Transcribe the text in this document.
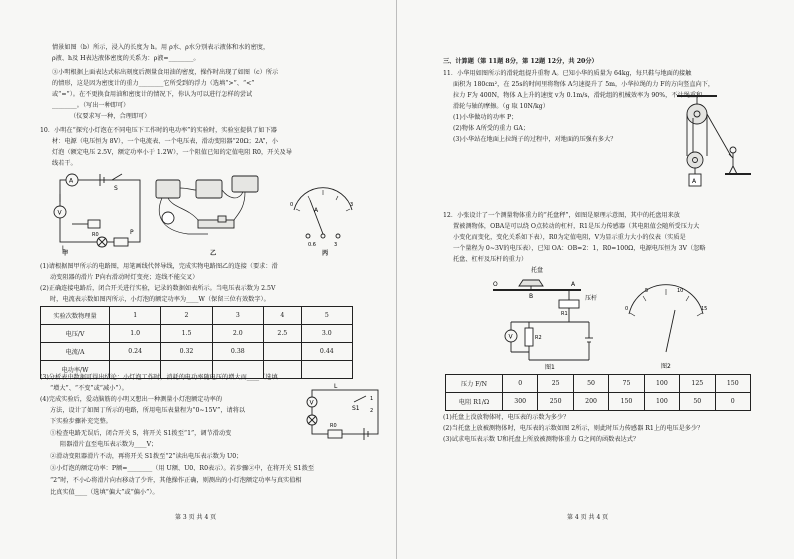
情景如图（b）所示，浸入的长度为 h。用 ρ水、ρ水分别表示液体和水的密度，
ρ液、h及 H表达液体密度的关系为：ρ液=________。
③小明根据上面表达式标出刻度后测量食用油的密度，操作时出现了如图（c）所示
的情形，这是因为密度计的重力________它所受到的浮力（选填“>”、“<”
或“=”）。在不更换食用油和密度计的情况下，你认为可以进行怎样的尝试
________。（写出一种即可）
（仪要求写一种，合理即可）
10．小明在“探究小灯泡在不同电压下工作时的电功率”的实验时，实验室提供了如下器
材：电源（电压恒为 8V），一个电流表、一个电压表，滑动变阻器“20Ω；2A”，小
灯泡（额定电压 2.5V，额定功率小于 1.2W），一个阻值已知的定值电阻 R0，开关及导
线若干。
A
V
S
R0	P
L
甲	乙
A
0.6	3
0	3
丙
(1)请根据图甲所示的电路图，用笔画线代替导线，完成实物电路图乙的连接（要求：滑
动变阻器的滑片 P向右滑动时灯变亮；连线不能交叉）
(2)正确连接电路后，闭合开关进行实验，记录的数据如表所示。当电压表示数为 2.5V
时，电流表示数如图丙所示，小灯泡的额定功率为____W（保留三位有效数字）。
实验次数物理量	1	2	3	4	5
电压/V	1.0	1.5	2.0	2.5	3.0
电流/A	0.24	0.32	0.38		0.44
电功率/W					
(3)分析表中数据可得出结论：小灯泡工作时，消耗的电功率随电压的增大而____（选填
“增大”、“不变”或“减小”）。
(4)完成实验后，爱动脑筋的小明又想出一种测量小灯泡额定功率的
方法，设计了如图丁所示的电路，所用电压表量程为“0~15V”，请将以
下实验步骤补充完整。
①检查电路无误后，闭合开关 S，将开关 S1拨至“1”，调节滑动变
阻器滑片直至电压表示数为____V；
②滑动变阻器滑片不动，再将开关 S1拨至“2”读出电压表示数为 U0；
③小灯泡的额定功率：P额=________（用 U额、U0、R0表示）。若步骤②中，在将开关 S1拨至
“2”时，不小心将滑片向右移动了少许，其他操作正确，则测出的小灯泡额定功率与真实值相
比真实值____（选填“偏大”或“偏小”）。
V
L
S1
R0
1
2
第 3 页 共 4 页
三、计算题（第 11题 8分，第 12题 12分，共 20分）
11．小华用如图所示的滑轮组提升重物 A。已知小华的质量为 64kg，每只鞋与地面的接触
面积为 180cm²，在 25s的时间里将物体 A匀速提升了 5m，小华拉绳的力 F的方向竖直向下，
拉力 F为 400N，物体 A上升的速度 v为 0.1m/s，滑轮组的机械效率为 90%，不计绳重和
滑轮与轴的摩擦。（g 取 10N/kg）
(1)小华做功的功率 P；
(2)物体 A所受的重力 GA；
(3)小华站在地面上拉绳子的过程中，对地面的压强有多大？
A
12．小张设计了一个测量物体重力的“托盘秤”，如图是原理示意图，其中的托盘用来放
置被测物体，OBA是可以绕 O点转动的杠杆，R1是压力传感器（其电阻值会随所受压力大
小变化而变化，变化关系如下表），R0为定值电阻，V为显示重力大小的仪表（实质是
一个量程为 0~3V的电压表），已知 OA：OB=2：1，R0=100Ω，电源电压恒为 3V（忽略
托盘、杠杆及压杆的重力）
托盘
压杆
O
B
A
R1
R2
V
图1
0
5	10
15
图2
压力 F/N	0	25	50	75	100	125	150
电阻 R1/Ω	300	250	200	150	100	50	0
(1)托盘上没放物体时，电压表的示数为多少？
(2)当托盘上放被测物体时，电压表的示数如图 2所示，则此时压力传感器 R1上的电压是多少？
(3)试求电压表示数 U和托盘上所放被测物体重力 G之间的函数表达式？
第 4 页 共 4 页
